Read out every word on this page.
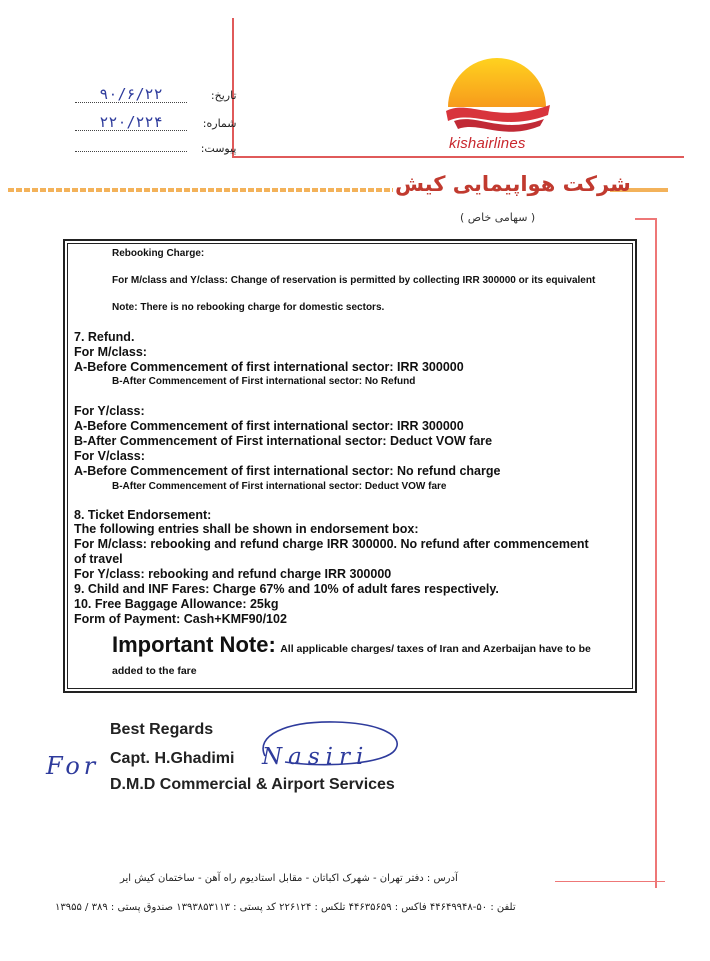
kishairlines
۹۰/۶/۲۲	تاریخ:
۲۲۰/۲۲۴	شماره:
پیوست:
شرکت هواپیمایی کیش
( سهامی خاص )
Rebooking Charge:
For M/class and Y/class: Change of reservation is permitted by collecting IRR 300000 or its equivalent
Note: There is no rebooking charge for domestic sectors.
7. Refund.
For M/class:
A-Before Commencement of first international sector: IRR 300000
B-After Commencement of First international sector: No Refund
For Y/class:
A-Before Commencement of first international sector: IRR 300000
B-After Commencement of First international sector: Deduct VOW fare
For V/class:
A-Before Commencement of first international sector: No refund charge
B-After Commencement of First international sector: Deduct VOW fare
8. Ticket Endorsement:
The following entries shall be shown in endorsement box:
For M/class: rebooking and refund charge IRR 300000. No refund after commencement
of travel
For Y/class: rebooking and refund charge IRR 300000
9. Child and INF Fares: Charge 67% and 10% of adult fares respectively.
10. Free Baggage Allowance: 25kg
Form of Payment: Cash+KMF90/102
Important Note: All applicable charges/ taxes of Iran and Azerbaijan have to be
added to the fare
Best Regards
For Capt. H.Ghadimi Nasiri
D.M.D Commercial & Airport Services
آدرس : دفتر تهران - شهرک اکباتان - مقابل استادیوم راه آهن - ساختمان کیش ایر
تلفن : ۵۰-۴۴۶۴۹۹۴۸ فاکس : ۴۴۶۳۵۶۵۹ تلکس : ۲۲۶۱۲۴ کد پستی : ۱۳۹۳۸۵۳۱۱۳ صندوق پستی : ۳۸۹ / ۱۳۹۵۵
